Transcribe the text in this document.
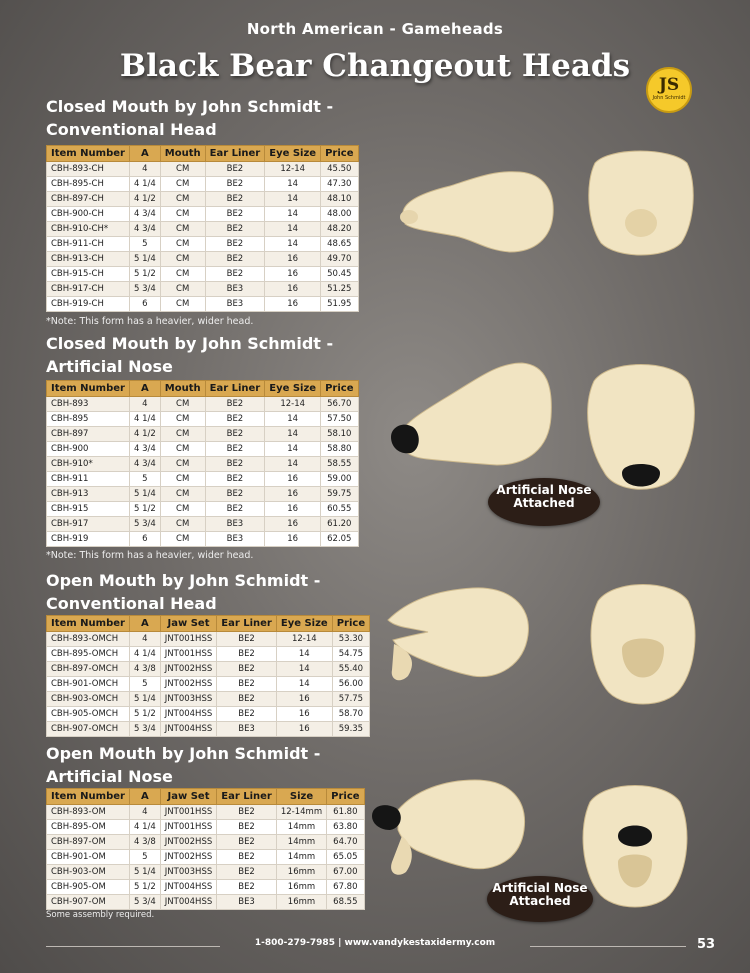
North American - Gameheads
Black Bear Changeout Heads
JS
John Schmidt
Closed Mouth by John Schmidt -
Conventional Head
Item Number	A	Mouth	Ear Liner	Eye Size	Price
CBH-893-CH	4	CM	BE2	12-14	45.50
CBH-895-CH	4 1/4	CM	BE2	14	47.30
CBH-897-CH	4 1/2	CM	BE2	14	48.10
CBH-900-CH	4 3/4	CM	BE2	14	48.00
CBH-910-CH*	4 3/4	CM	BE2	14	48.20
CBH-911-CH	5	CM	BE2	14	48.65
CBH-913-CH	5 1/4	CM	BE2	16	49.70
CBH-915-CH	5 1/2	CM	BE2	16	50.45
CBH-917-CH	5 3/4	CM	BE3	16	51.25
CBH-919-CH	6	CM	BE3	16	51.95
*Note: This form has a heavier, wider head.
Closed Mouth by John Schmidt -
Artificial Nose
Item Number	A	Mouth	Ear Liner	Eye Size	Price
CBH-893	4	CM	BE2	12-14	56.70
CBH-895	4 1/4	CM	BE2	14	57.50
CBH-897	4 1/2	CM	BE2	14	58.10
CBH-900	4 3/4	CM	BE2	14	58.80
CBH-910*	4 3/4	CM	BE2	14	58.55
CBH-911	5	CM	BE2	16	59.00
CBH-913	5 1/4	CM	BE2	16	59.75
CBH-915	5 1/2	CM	BE2	16	60.55
CBH-917	5 3/4	CM	BE3	16	61.20
CBH-919	6	CM	BE3	16	62.05
*Note: This form has a heavier, wider head.
Open Mouth by John Schmidt -
Conventional Head
Item Number	A	Jaw Set	Ear Liner	Eye Size	Price
CBH-893-OMCH	4	JNT001HSS	BE2	12-14	53.30
CBH-895-OMCH	4 1/4	JNT001HSS	BE2	14	54.75
CBH-897-OMCH	4 3/8	JNT002HSS	BE2	14	55.40
CBH-901-OMCH	5	JNT002HSS	BE2	14	56.00
CBH-903-OMCH	5 1/4	JNT003HSS	BE2	16	57.75
CBH-905-OMCH	5 1/2	JNT004HSS	BE2	16	58.70
CBH-907-OMCH	5 3/4	JNT004HSS	BE3	16	59.35
Open Mouth by John Schmidt -
Artificial Nose
Item Number	A	Jaw Set	Ear Liner	Size	Price
CBH-893-OM	4	JNT001HSS	BE2	12-14mm	61.80
CBH-895-OM	4 1/4	JNT001HSS	BE2	14mm	63.80
CBH-897-OM	4 3/8	JNT002HSS	BE2	14mm	64.70
CBH-901-OM	5	JNT002HSS	BE2	14mm	65.05
CBH-903-OM	5 1/4	JNT003HSS	BE2	16mm	67.00
CBH-905-OM	5 1/2	JNT004HSS	BE2	16mm	67.80
CBH-907-OM	5 3/4	JNT004HSS	BE3	16mm	68.55
Some assembly required.
Artificial Nose
Attached
Artificial Nose
Attached
1-800-279-7985 | www.vandykestaxidermy.com	53
